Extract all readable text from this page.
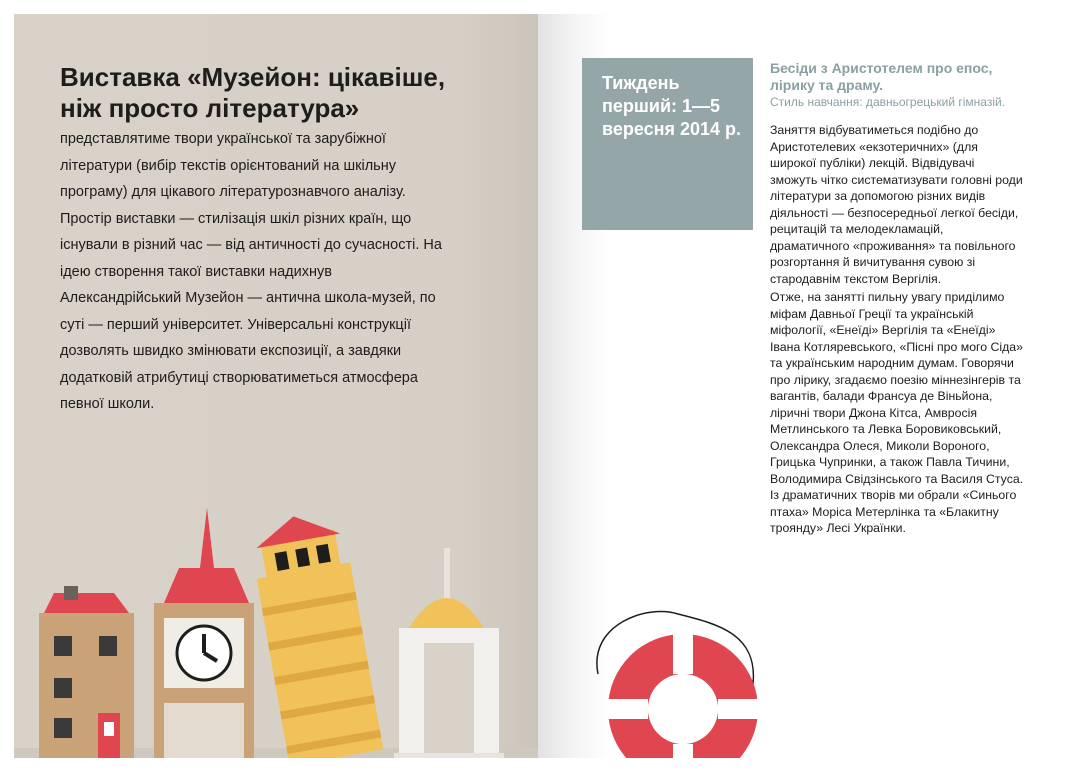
Виставка «Музейон: цікавіше, ніж просто література»

представлятиме твори української та зарубіжної літератури (вибір текстів орієнтований на шкільну програму) для цікавого літературознавчого аналізу. Простір виставки — стилізація шкіл різних країн, що існували в різний час — від античності до сучасності. На ідею створення такої виставки надихнув Александрійський Музейон — антична школа-музей, по суті — перший університет. Універсальні конструкції дозволять швидко змінювати експозиції, а завдяки додатковій атрибутиці створюватиметься атмосфера певної школи.

Тиждень перший: 1—5 вересня 2014 р.

Бесіди з Аристотелем про епос, лірику та драму.

Стиль навчання: давньогрецький гімназій.

Заняття відбуватиметься подібно до Аристотелевих «екзотеричних» (для широкої публіки) лекцій. Відвідувачі зможуть чітко систематизувати головні роди літератури за допомогою різних видів діяльності — безпосередньої легкої бесіди, рецитацій та мелодекламацій, драматичного «проживання» та повільного розгортання й вичитування сувою зі стародавнім текстом Вергілія.

Отже, на занятті пильну увагу приділимо міфам Давньої Греції та українській міфології, «Енеїді» Вергілія та «Енеїді» Івана Котляревського, «Пісні про мого Сіда» та українським народним думам. Говорячи про лірику, згадаємо поезію міннезінгерів та вагантів, балади Франсуа де Віньйона, ліричні твори Джона Кітса, Амвросія Метлинського та Левка Боровиковський, Олександра Олеся, Миколи Вороного, Грицька Чупринки, а також Павла Тичини, Володимира Свідзінського та Василя Стуса. Із драматичних творів ми обрали «Синього птаха» Моріса Метерлінка та «Блакитну троянду» Лесі Українки.
